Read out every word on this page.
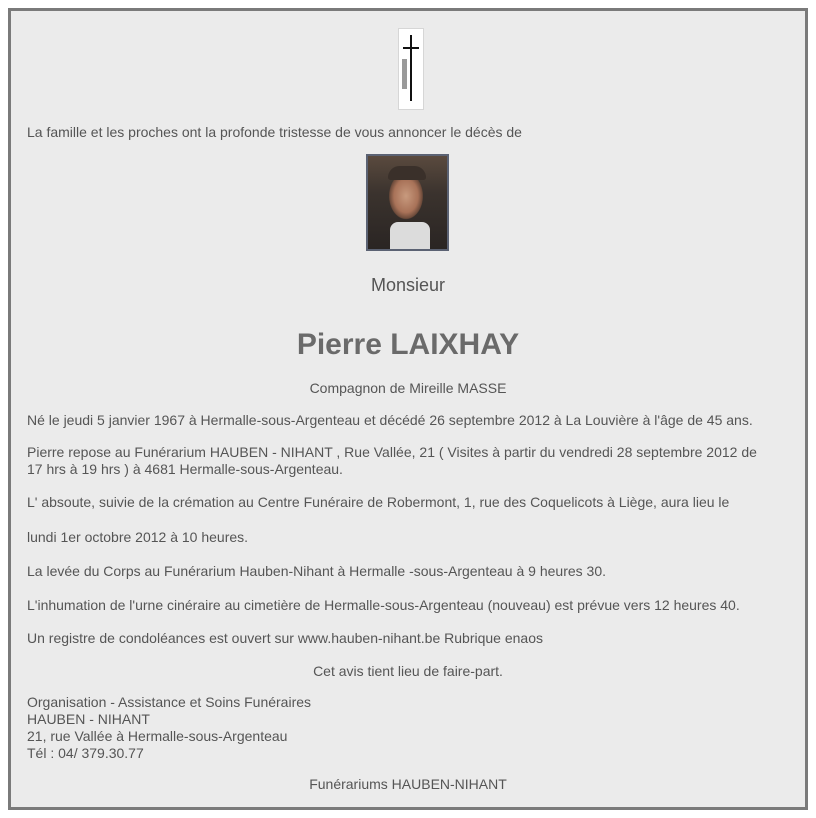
La famille et les proches ont la profonde tristesse de vous annoncer le décès de
Monsieur
Pierre LAIXHAY
Compagnon de Mireille MASSE
Né le jeudi 5 janvier 1967 à Hermalle-sous-Argenteau et décédé 26 septembre 2012 à La Louvière à l'âge de 45 ans.
Pierre repose au Funérarium HAUBEN - NIHANT , Rue Vallée, 21 ( Visites à partir du vendredi 28 septembre 2012 de
17 hrs à 19 hrs ) à 4681 Hermalle-sous-Argenteau.
L' absoute, suivie de la crémation au Centre Funéraire de Robermont, 1, rue des Coquelicots à Liège, aura lieu le
lundi 1er octobre 2012 à 10 heures.
La levée du Corps au Funérarium Hauben-Nihant à Hermalle -sous-Argenteau à 9 heures 30.
L'inhumation de l'urne cinéraire au cimetière de Hermalle-sous-Argenteau (nouveau) est prévue vers 12 heures 40.
Un registre de condoléances est ouvert sur www.hauben-nihant.be Rubrique enaos
Cet avis tient lieu de faire-part.
Organisation - Assistance et Soins Funéraires
HAUBEN - NIHANT
21, rue Vallée à Hermalle-sous-Argenteau
Tél : 04/ 379.30.77
Funérariums HAUBEN-NIHANT
